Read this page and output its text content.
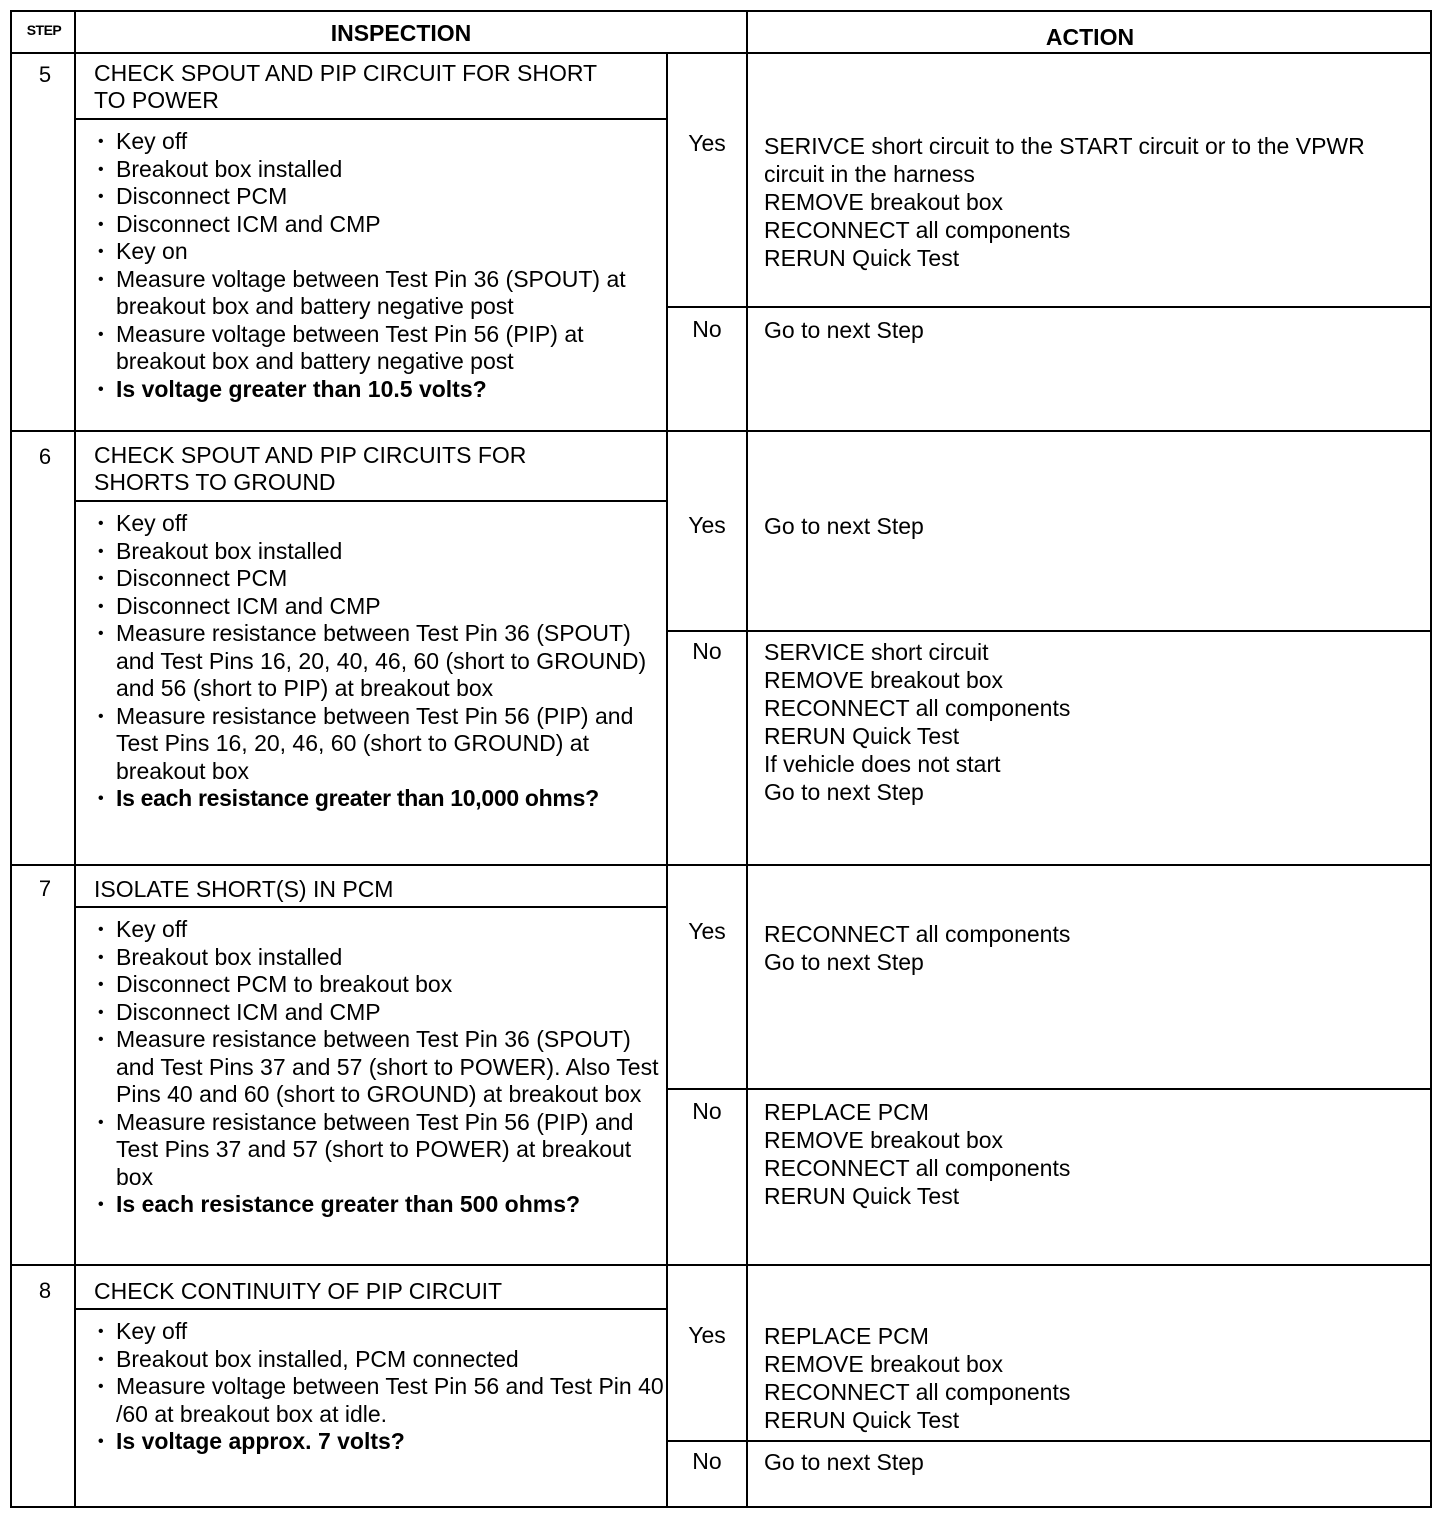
STEP	INSPECTION	ACTION
5	CHECK SPOUT AND PIP CIRCUIT FOR SHORT
TO POWER
• Key off
• Breakout box installed
• Disconnect PCM
• Disconnect ICM and CMP
• Key on
• Measure voltage between Test Pin 36 (SPOUT) at breakout box and battery negative post
• Measure voltage between Test Pin 56 (PIP) at breakout box and battery negative post
• Is voltage greater than 10.5 volts?
Yes	SERIVCE short circuit to the START circuit or to the VPWR
circuit in the harness
REMOVE breakout box
RECONNECT all components
RERUN Quick Test
No	Go to next Step
6	CHECK SPOUT AND PIP CIRCUITS FOR
SHORTS TO GROUND
• Key off
• Breakout box installed
• Disconnect PCM
• Disconnect ICM and CMP
• Measure resistance between Test Pin 36 (SPOUT) and Test Pins 16, 20, 40, 46, 60 (short to GROUND) and 56 (short to PIP) at breakout box
• Measure resistance between Test Pin 56 (PIP) and Test Pins 16, 20, 46, 60 (short to GROUND) at breakout box
• Is each resistance greater than 10,000 ohms?
Yes	Go to next Step
No	SERVICE short circuit
REMOVE breakout box
RECONNECT all components
RERUN Quick Test
If vehicle does not start
Go to next Step
7	ISOLATE SHORT(S) IN PCM
• Key off
• Breakout box installed
• Disconnect PCM to breakout box
• Disconnect ICM and CMP
• Measure resistance between Test Pin 36 (SPOUT) and Test Pins 37 and 57 (short to POWER). Also Test Pins 40 and 60 (short to GROUND) at breakout box
• Measure resistance between Test Pin 56 (PIP) and Test Pins 37 and 57 (short to POWER) at breakout box
• Is each resistance greater than 500 ohms?
Yes	RECONNECT all components
Go to next Step
No	REPLACE PCM
REMOVE breakout box
RECONNECT all components
RERUN Quick Test
8	CHECK CONTINUITY OF PIP CIRCUIT
• Key off
• Breakout box installed, PCM connected
• Measure voltage between Test Pin 56 and Test Pin 40 /60 at breakout box at idle.
• Is voltage approx. 7 volts?
Yes	REPLACE PCM
REMOVE breakout box
RECONNECT all components
RERUN Quick Test
No	Go to next Step
